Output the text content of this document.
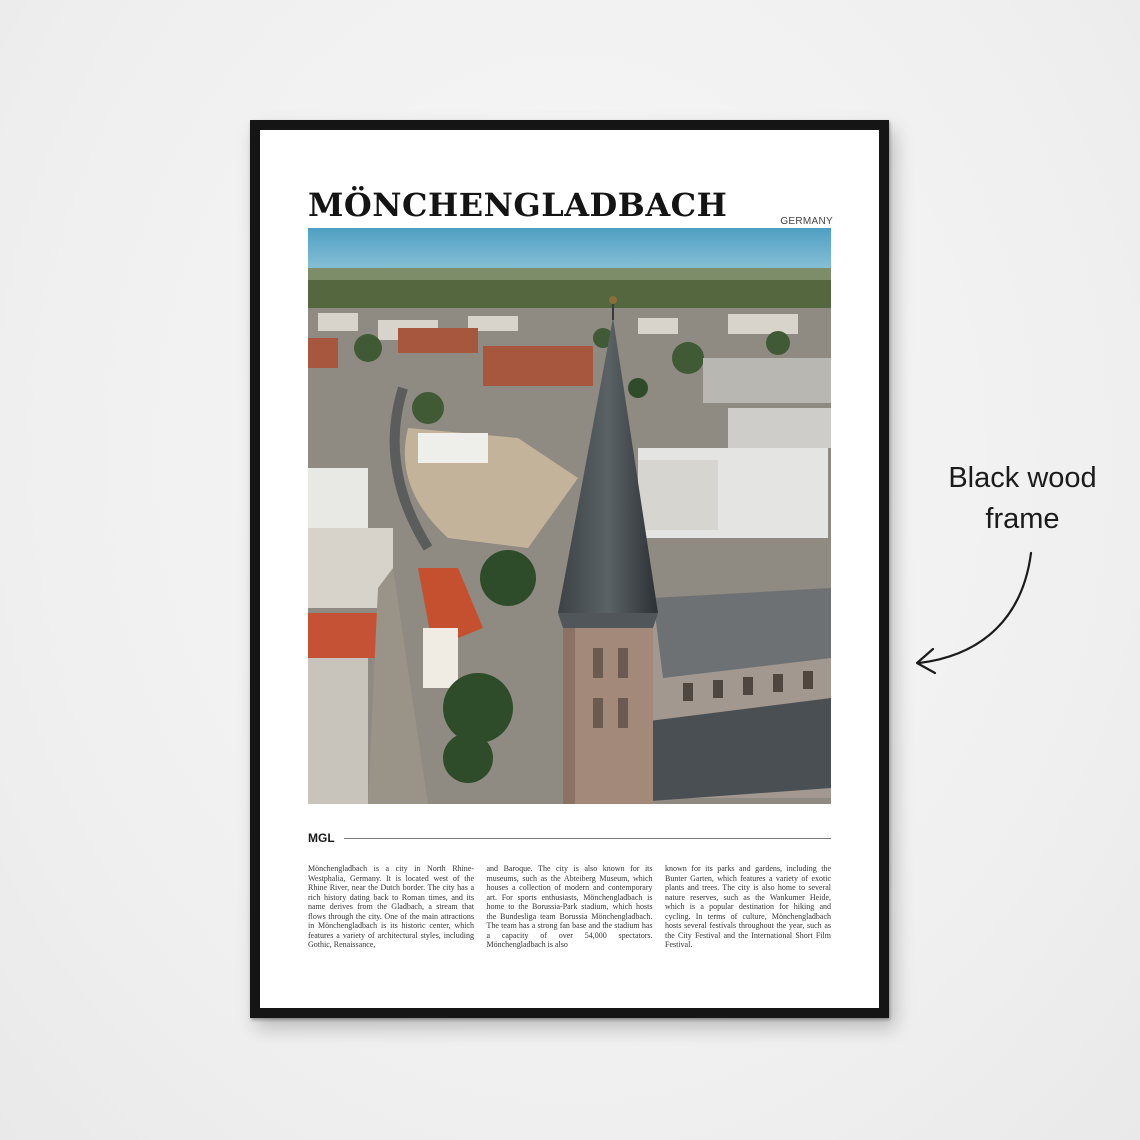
MÖNCHENGLADBACH	GERMANY
MGL

Mönchengladbach is a city in North Rhine-Westphalia, Germany. It is located west of the Rhine River, near the Dutch border. The city has a rich history dating back to Roman times, and its name derives from the Gladbach, a stream that flows through the city. One of the main attractions in Mönchengladbach is its historic center, which features a variety of architectural styles, including Gothic, Renaissance,

and Baroque. The city is also known for its museums, such as the Abteiberg Museum, which houses a collection of modern and contemporary art. For sports enthusiasts, Mönchengladbach is home to the Borussia-Park stadium, which hosts the Bundesliga team Borussia Mönchengladbach. The team has a strong fan base and the stadium has a capacity of over 54,000 spectators. Mönchengladbach is also

known for its parks and gardens, including the Bunter Garten, which features a variety of exotic plants and trees. The city is also home to several nature reserves, such as the Wankumer Heide, which is a popular destination for hiking and cycling. In terms of culture, Mönchengladbach hosts several festivals throughout the year, such as the City Festival and the International Short Film Festival.

Black wood
frame
